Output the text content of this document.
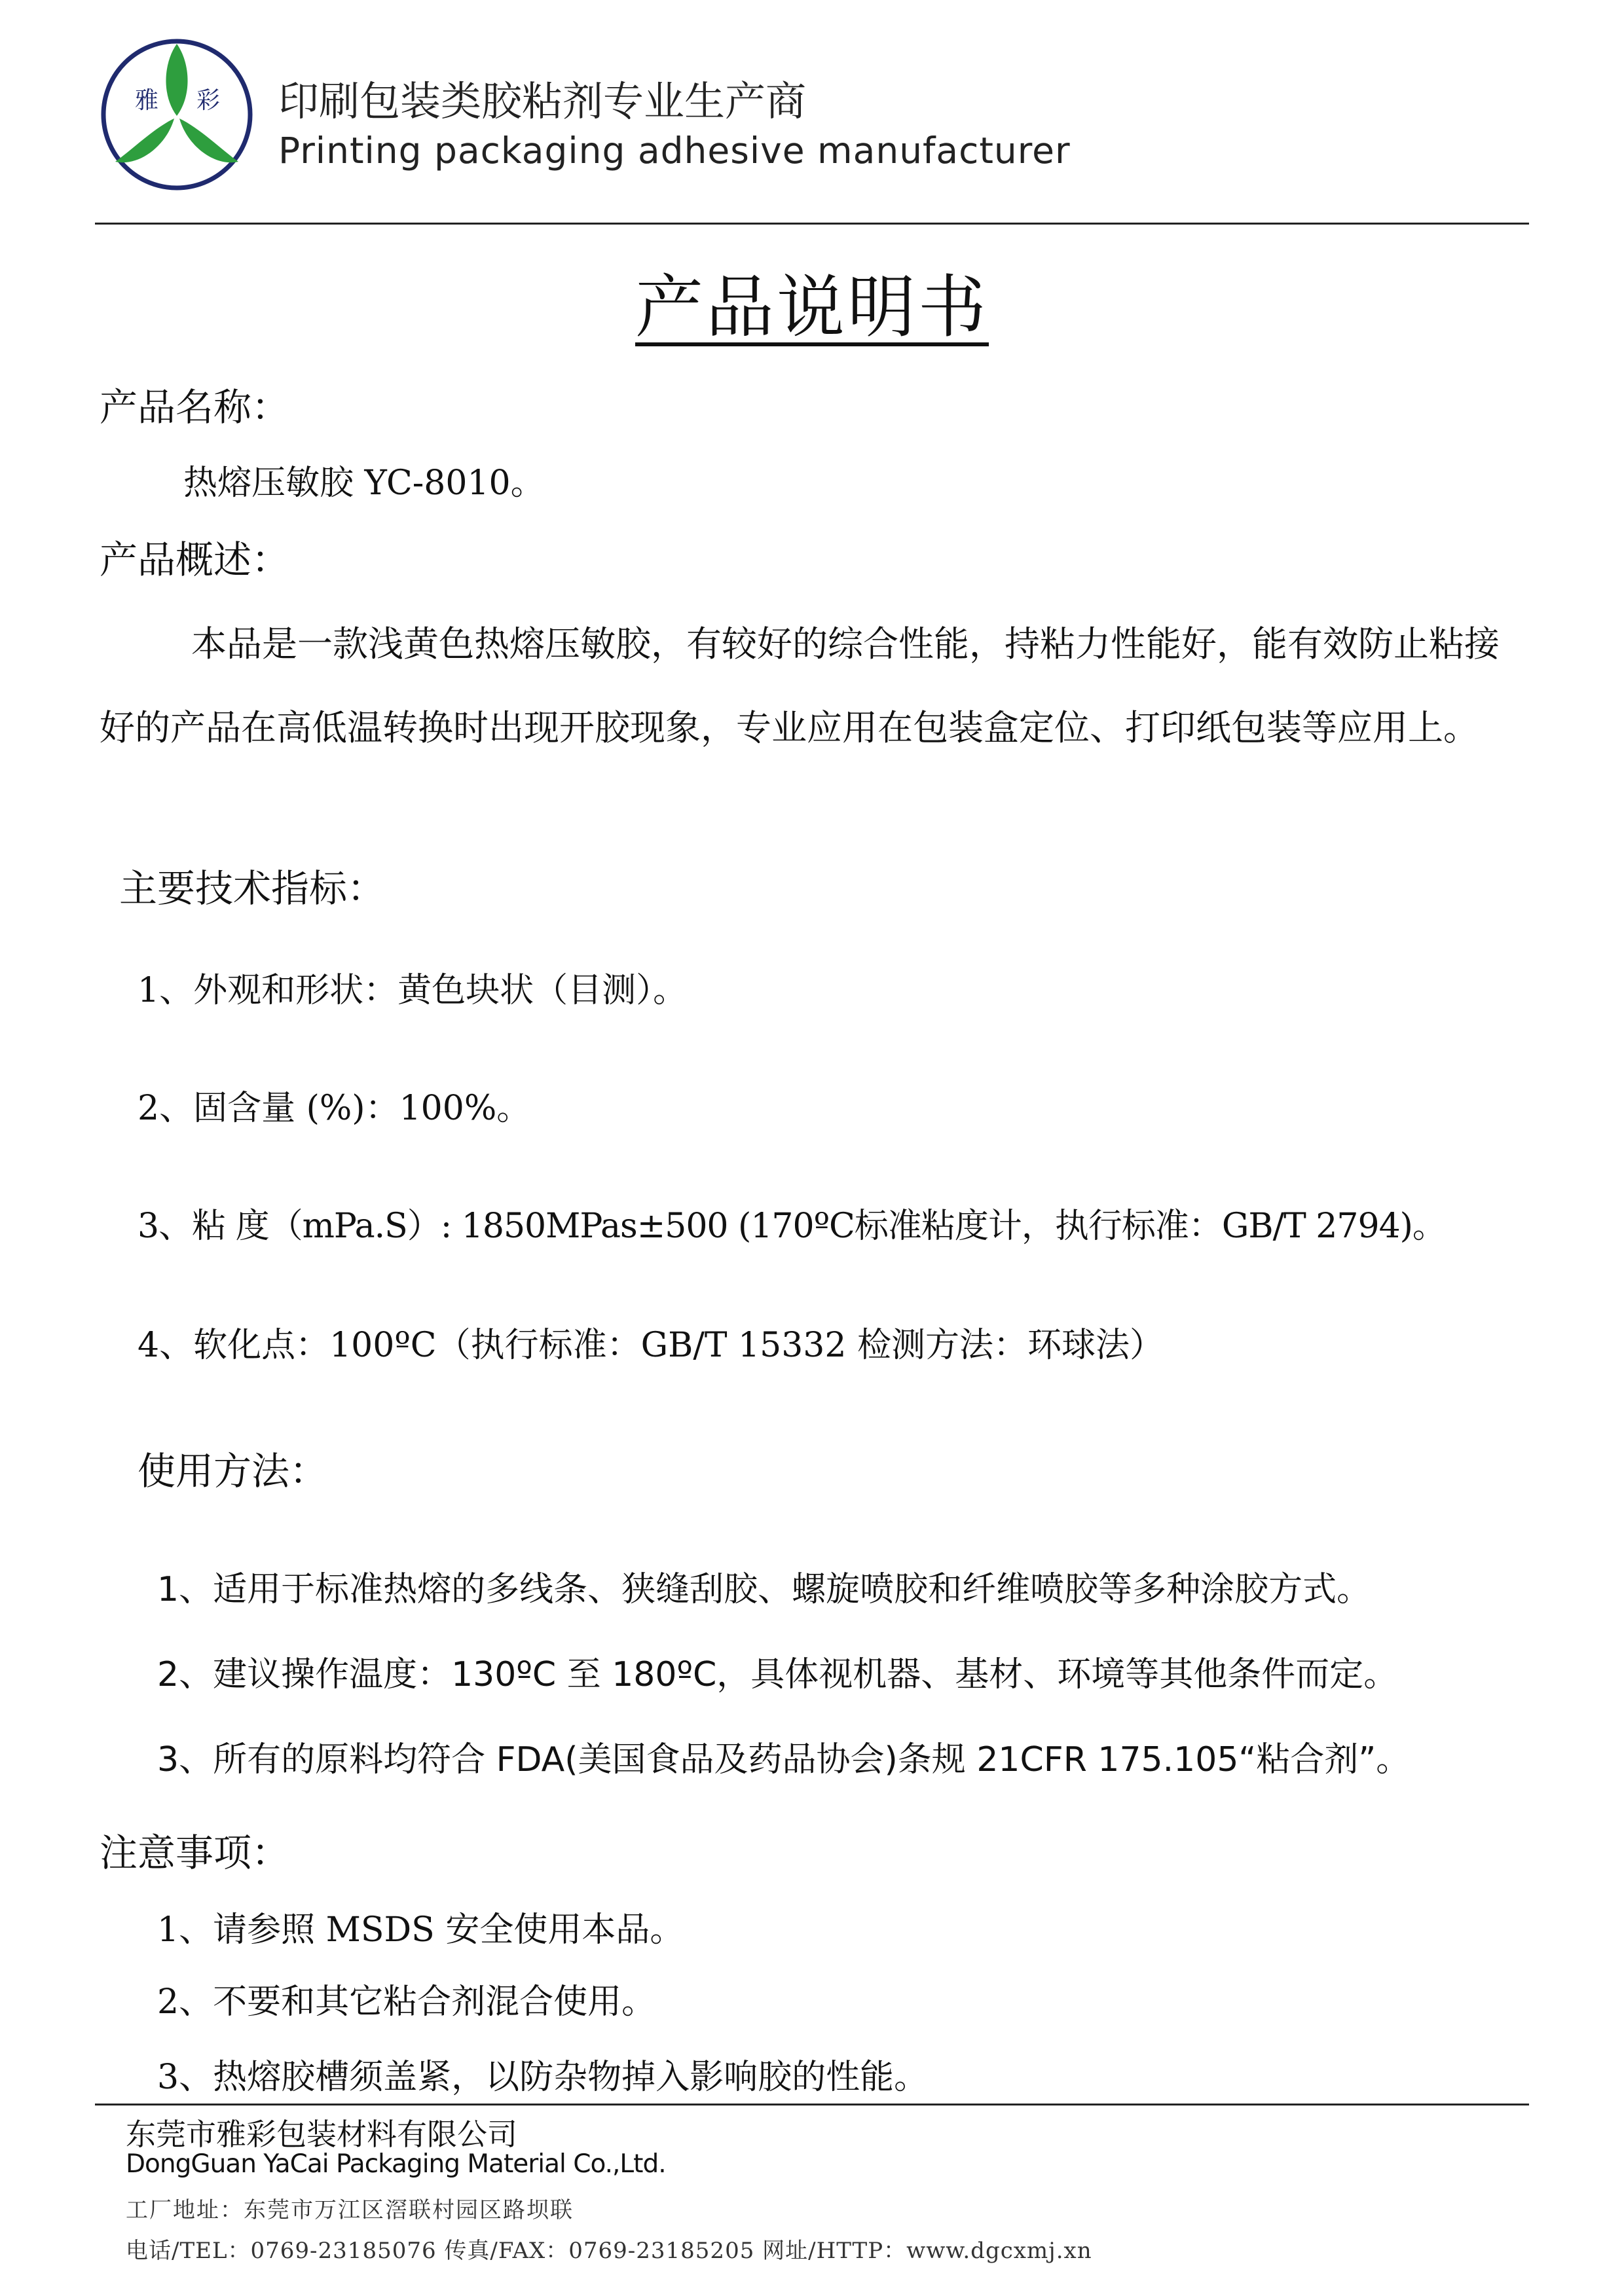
雅 彩 印刷包装类胶粘剂专业生产商
Printing packaging adhesive manufacturer
产品说明书
产品名称：
热熔压敏胶 YC-8010。
产品概述：
本品是一款浅黄色热熔压敏胶，有较好的综合性能，持粘力性能好，能有效防止粘接好的产品在高低温转换时出现开胶现象，专业应用在包装盒定位、打印纸包装等应用上。
主要技术指标：
1、外观和形状：黄色块状（目测）。
2、固含量 (%)：100%。
3、粘 度（mPa.S）: 1850MPas±500 (170ºC标准粘度计，执行标准：GB/T 2794)。
4、软化点：100ºC（执行标准：GB/T 15332 检测方法：环球法）
使用方法：
1、适用于标准热熔的多线条、狭缝刮胶、螺旋喷胶和纤维喷胶等多种涂胶方式。
2、建议操作温度：130ºC 至 180ºC，具体视机器、基材、环境等其他条件而定。
3、所有的原料均符合 FDA(美国食品及药品协会)条规 21CFR 175.105“粘合剂”。
注意事项：
1、请参照 MSDS 安全使用本品。
2、不要和其它粘合剂混合使用。
3、热熔胶槽须盖紧，以防杂物掉入影响胶的性能。
东莞市雅彩包装材料有限公司
DongGuan YaCai Packaging Material Co.,Ltd.
工厂地址：东莞市万江区滘联村园区路坝联
电话/TEL：0769-23185076 传真/FAX：0769-23185205 网址/HTTP：www.dgcxmj.xn
